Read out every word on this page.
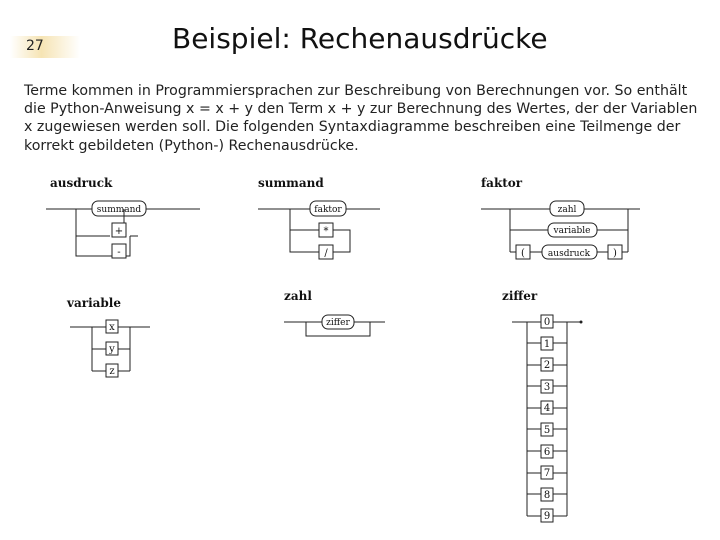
27	Beispiel: Rechenausdrücke
Terme kommen in Programmiersprachen zur Beschreibung von Berechnungen vor. So enthält
die Python-Anweisung x = x + y den Term x + y zur Berechnung des Wertes, der der Variablen
x zugewiesen werden soll. Die folgenden Syntaxdiagramme beschreiben eine Teilmenge der
korrekt gebildeten (Python-) Rechenausdrücke.
ausdruck
summand
+
-
summand
faktor
*
/
faktor
zahl
variable
(	ausdruck )
variable
x
y
z
zahl
ziffer
ziffer
0
1
2
3
4
5
6
7
8
9
